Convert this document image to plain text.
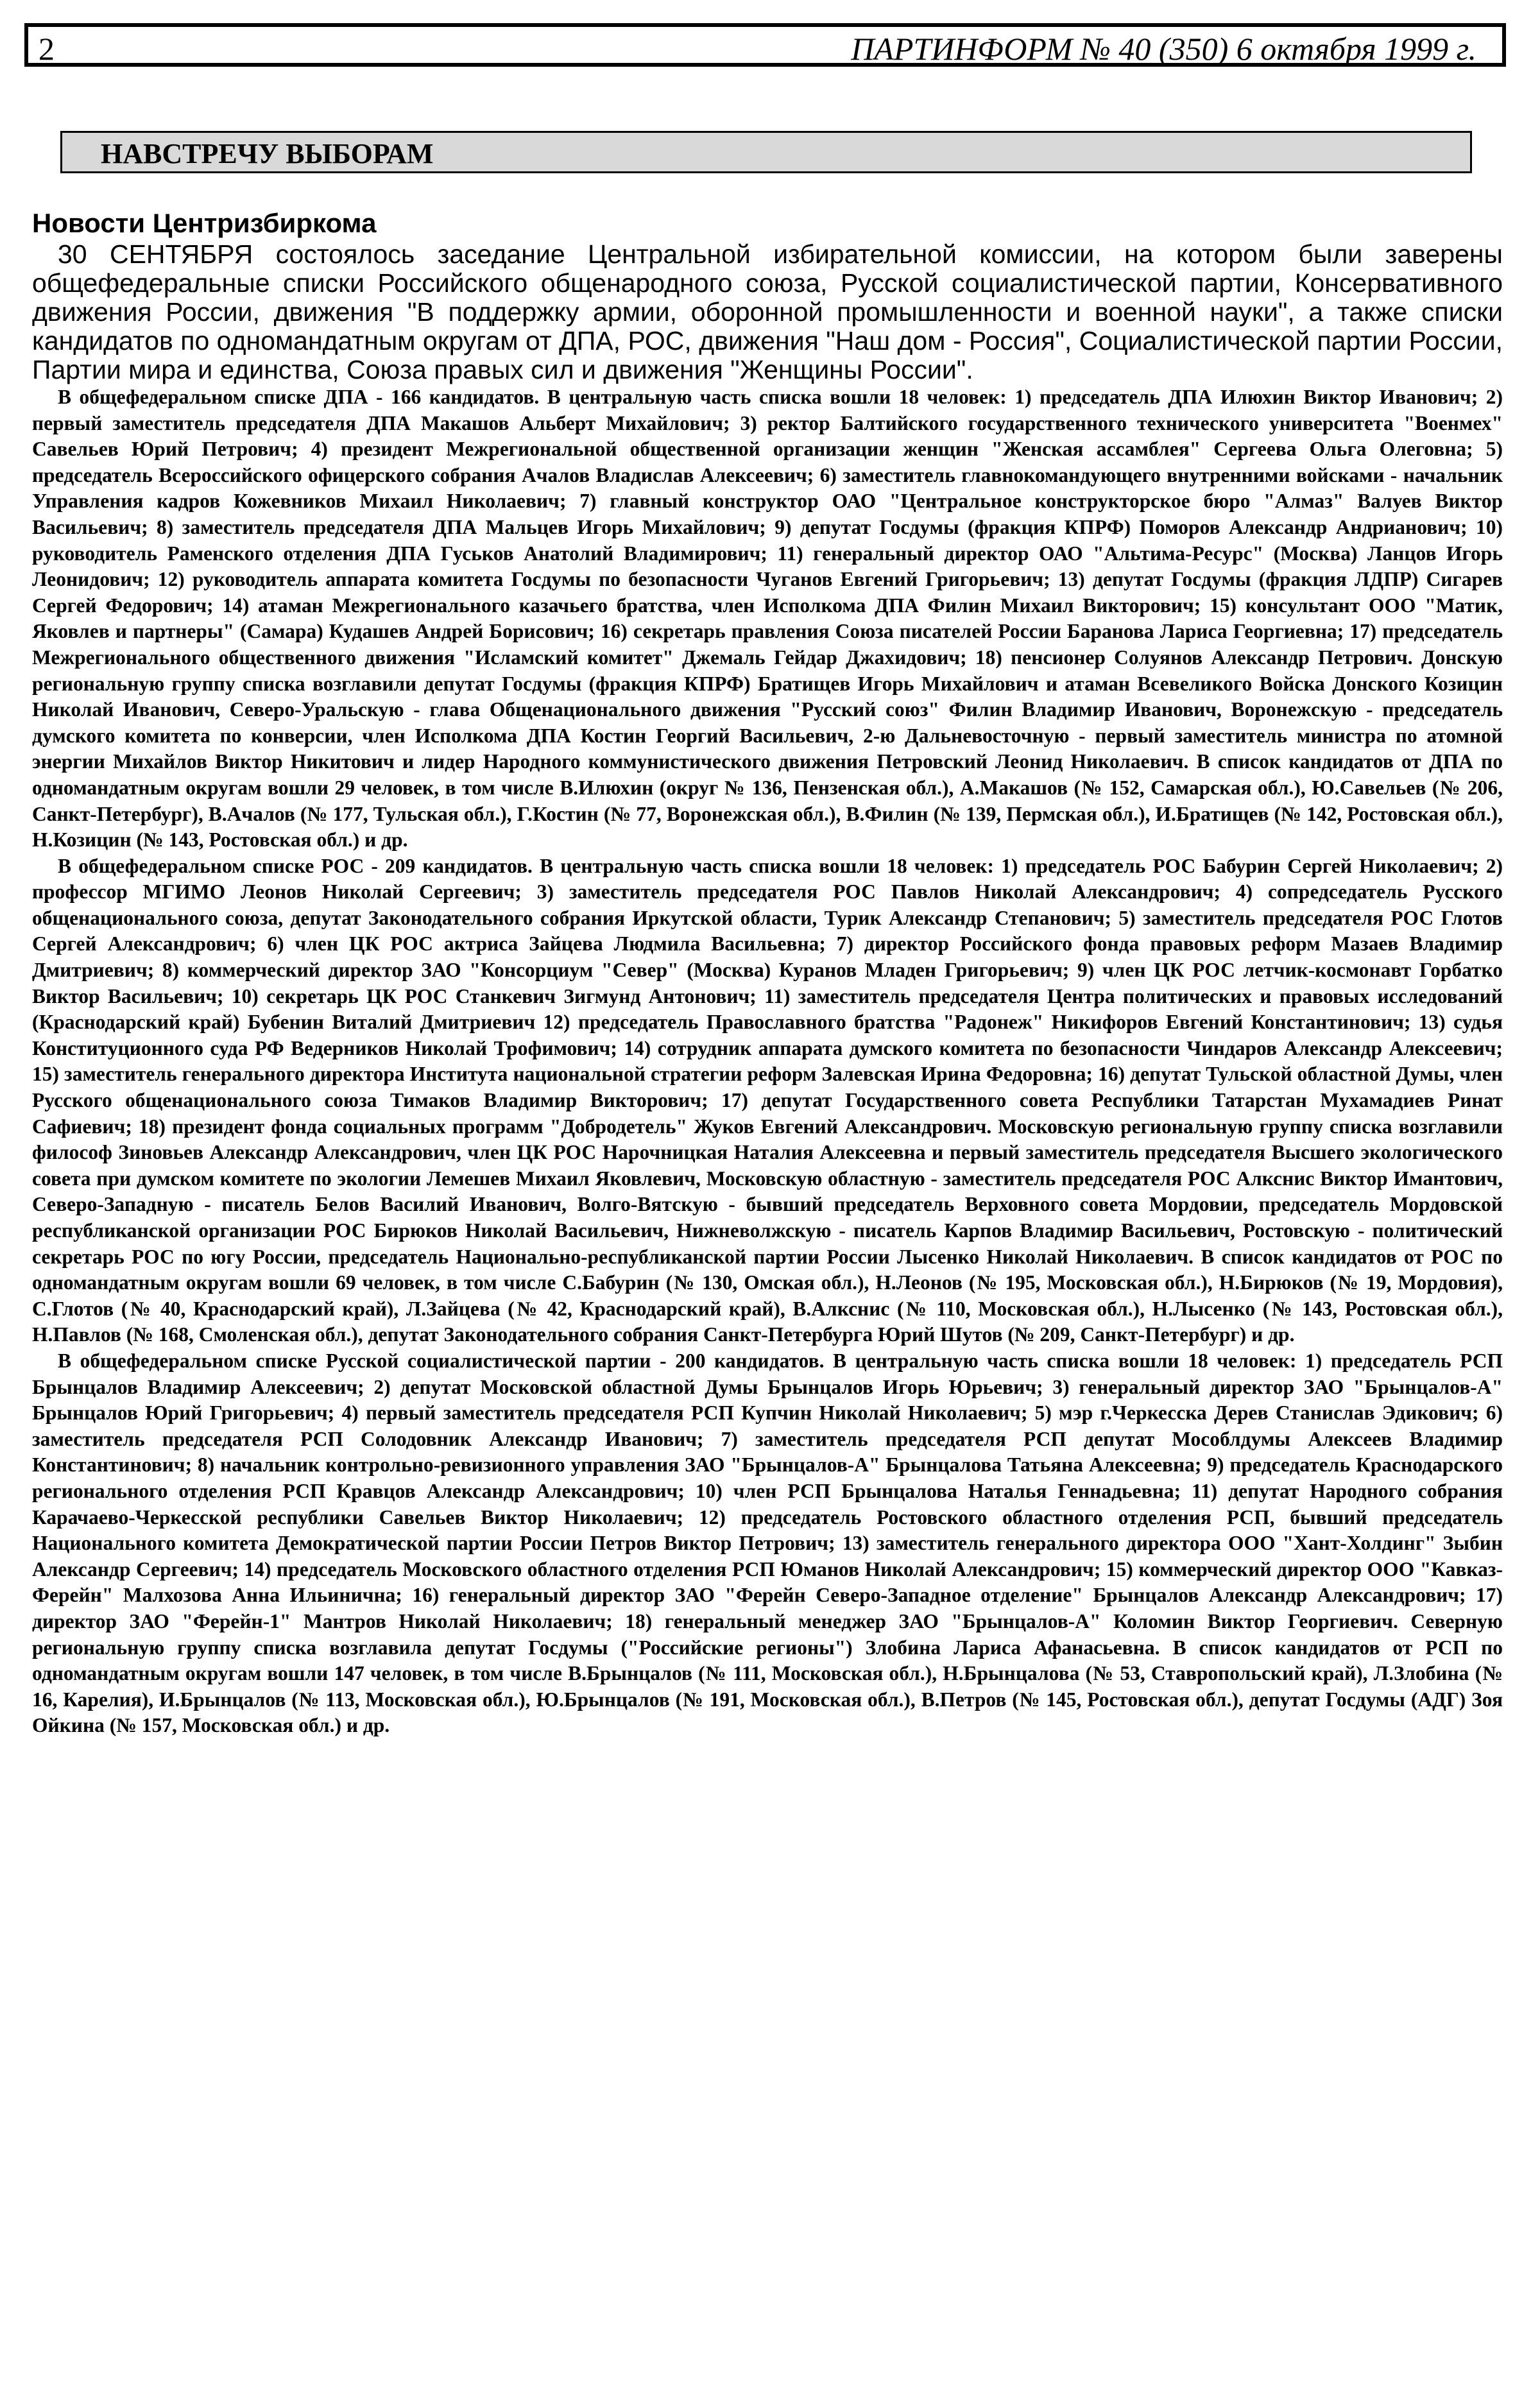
2	ПАРТИНФОРМ № 40 (350) 6 октября 1999 г.
НАВСТРЕЧУ ВЫБОРАМ
Новости Центризбиркома

30 СЕНТЯБРЯ состоялось заседание Центральной избирательной комиссии, на котором были заверены общефедеральные списки Российского общенародного союза, Русской социалистической партии, Консервативного движения России, движения "В поддержку армии, оборонной промышленности и военной науки", а также списки кандидатов по одномандатным округам от ДПА, РОС, движения "Наш дом - Россия", Социалистической партии России, Партии мира и единства, Союза правых сил и движения "Женщины России".

В общефедеральном списке ДПА - 166 кандидатов. В центральную часть списка вошли 18 человек: 1) председатель ДПА Илюхин Виктор Иванович; 2) первый заместитель председателя ДПА Макашов Альберт Михайлович; 3) ректор Балтийского государственного технического университета "Военмех" Савельев Юрий Петрович; 4) президент Межрегиональной общественной организации женщин "Женская ассамблея" Сергеева Ольга Олеговна; 5) председатель Всероссийского офицерского собрания Ачалов Владислав Алексеевич; 6) заместитель главнокомандующего внутренними войсками - начальник Управления кадров Кожевников Михаил Николаевич; 7) главный конструктор ОАО "Центральное конструкторское бюро "Алмаз" Валуев Виктор Васильевич; 8) заместитель председателя ДПА Мальцев Игорь Михайлович; 9) депутат Госдумы (фракция КПРФ) Поморов Александр Андрианович; 10) руководитель Раменского отделения ДПА Гуськов Анатолий Владимирович; 11) генеральный директор ОАО "Альтима-Ресурс" (Москва) Ланцов Игорь Леонидович; 12) руководитель аппарата комитета Госдумы по безопасности Чуганов Евгений Григорьевич; 13) депутат Госдумы (фракция ЛДПР) Сигарев Сергей Федорович; 14) атаман Межрегионального казачьего братства, член Исполкома ДПА Филин Михаил Викторович; 15) консультант ООО "Матик, Яковлев и партнеры" (Самара) Кудашев Андрей Борисович; 16) секретарь правления Союза писателей России Баранова Лариса Георгиевна; 17) председатель Межрегионального общественного движения "Исламский комитет" Джемаль Гейдар Джахидович; 18) пенсионер Солуянов Александр Петрович. Донскую региональную группу списка возглавили депутат Госдумы (фракция КПРФ) Братищев Игорь Михайлович и атаман Всевеликого Войска Донского Козицин Николай Иванович, Северо-Уральскую - глава Общенационального движения "Русский союз" Филин Владимир Иванович, Воронежскую - председатель думского комитета по конверсии, член Исполкома ДПА Костин Георгий Васильевич, 2-ю Дальневосточную - первый заместитель министра по атомной энергии Михайлов Виктор Никитович и лидер Народного коммунистического движения Петровский Леонид Николаевич. В список кандидатов от ДПА по одномандатным округам вошли 29 человек, в том числе В.Илюхин (округ № 136, Пензенская обл.), А.Макашов (№ 152, Самарская обл.), Ю.Савельев (№ 206, Санкт-Петербург), В.Ачалов (№ 177, Тульская обл.), Г.Костин (№ 77, Воронежская обл.), В.Филин (№ 139, Пермская обл.), И.Братищев (№ 142, Ростовская обл.), Н.Козицин (№ 143, Ростовская обл.) и др.

В общефедеральном списке РОС - 209 кандидатов. В центральную часть списка вошли 18 человек: 1) председатель РОС Бабурин Сергей Николаевич; 2) профессор МГИМО Леонов Николай Сергеевич; 3) заместитель председателя РОС Павлов Николай Александрович; 4) сопредседатель Русского общенационального союза, депутат Законодательного собрания Иркутской области, Турик Александр Степанович; 5) заместитель председателя РОС Глотов Сергей Александрович; 6) член ЦК РОС актриса Зайцева Людмила Васильевна; 7) директор Российского фонда правовых реформ Мазаев Владимир Дмитриевич; 8) коммерческий директор ЗАО "Консорциум "Север" (Москва) Куранов Младен Григорьевич; 9) член ЦК РОС летчик-космонавт Горбатко Виктор Васильевич; 10) секретарь ЦК РОС Станкевич Зигмунд Антонович; 11) заместитель председателя Центра политических и правовых исследований (Краснодарский край) Бубенин Виталий Дмитриевич 12) председатель Православного братства "Радонеж" Никифоров Евгений Константинович; 13) судья Конституционного суда РФ Ведерников Николай Трофимович; 14) сотрудник аппарата думского комитета по безопасности Чиндаров Александр Алексеевич; 15) заместитель генерального директора Института национальной стратегии реформ Залевская Ирина Федоровна; 16) депутат Тульской областной Думы, член Русского общенационального союза Тимаков Владимир Викторович; 17) депутат Государственного совета Республики Татарстан Мухамадиев Ринат Сафиевич; 18) президент фонда социальных программ "Добродетель" Жуков Евгений Александрович. Московскую региональную группу списка возглавили философ Зиновьев Александр Александрович, член ЦК РОС Нарочницкая Наталия Алексеевна и первый заместитель председателя Высшего экологического совета при думском комитете по экологии Лемешев Михаил Яковлевич, Московскую областную - заместитель председателя РОС Алкснис Виктор Имантович, Северо-Западную - писатель Белов Василий Иванович, Волго-Вятскую - бывший председатель Верховного совета Мордовии, председатель Мордовской республиканской организации РОС Бирюков Николай Васильевич, Нижневолжскую - писатель Карпов Владимир Васильевич, Ростовскую - политический секретарь РОС по югу России, председатель Национально-республиканской партии России Лысенко Николай Николаевич. В список кандидатов от РОС по одномандатным округам вошли 69 человек, в том числе С.Бабурин (№ 130, Омская обл.), Н.Леонов (№ 195, Московская обл.), Н.Бирюков (№ 19, Мордовия), С.Глотов (№ 40, Краснодарский край), Л.Зайцева (№ 42, Краснодарский край), В.Алкснис (№ 110, Московская обл.), Н.Лысенко (№ 143, Ростовская обл.), Н.Павлов (№ 168, Смоленская обл.), депутат Законодательного собрания Санкт-Петербурга Юрий Шутов (№ 209, Санкт-Петербург) и др.

В общефедеральном списке Русской социалистической партии - 200 кандидатов. В центральную часть списка вошли 18 человек: 1) председатель РСП Брынцалов Владимир Алексеевич; 2) депутат Московской областной Думы Брынцалов Игорь Юрьевич; 3) генеральный директор ЗАО "Брынцалов-А" Брынцалов Юрий Григорьевич; 4) первый заместитель председателя РСП Купчин Николай Николаевич; 5) мэр г.Черкесска Дерев Станислав Эдикович; 6) заместитель председателя РСП Солодовник Александр Иванович; 7) заместитель председателя РСП депутат Мособлдумы Алексеев Владимир Константинович; 8) начальник контрольно-ревизионного управления ЗАО "Брынцалов-А" Брынцалова Татьяна Алексеевна; 9) председатель Краснодарского регионального отделения РСП Кравцов Александр Александрович; 10) член РСП Брынцалова Наталья Геннадьевна; 11) депутат Народного собрания Карачаево-Черкесской республики Савельев Виктор Николаевич; 12) председатель Ростовского областного отделения РСП, бывший председатель Национального комитета Демократической партии России Петров Виктор Петрович; 13) заместитель генерального директора ООО "Хант-Холдинг" Зыбин Александр Сергеевич; 14) председатель Московского областного отделения РСП Юманов Николай Александрович; 15) коммерческий директор ООО "Кавказ-Ферейн" Малхозова Анна Ильинична; 16) генеральный директор ЗАО "Ферейн Северо-Западное отделение" Брынцалов Александр Александрович; 17) директор ЗАО "Ферейн-1" Мантров Николай Николаевич; 18) генеральный менеджер ЗАО "Брынцалов-А" Коломин Виктор Георгиевич. Северную региональную группу списка возглавила депутат Госдумы ("Российские регионы") Злобина Лариса Афанасьевна. В список кандидатов от РСП по одномандатным округам вошли 147 человек, в том числе В.Брынцалов (№ 111, Московская обл.), Н.Брынцалова (№ 53, Ставропольский край), Л.Злобина (№ 16, Карелия), И.Брынцалов (№ 113, Московская обл.), Ю.Брынцалов (№ 191, Московская обл.), В.Петров (№ 145, Ростовская обл.), депутат Госдумы (АДГ) Зоя Ойкина (№ 157, Московская обл.) и др.
